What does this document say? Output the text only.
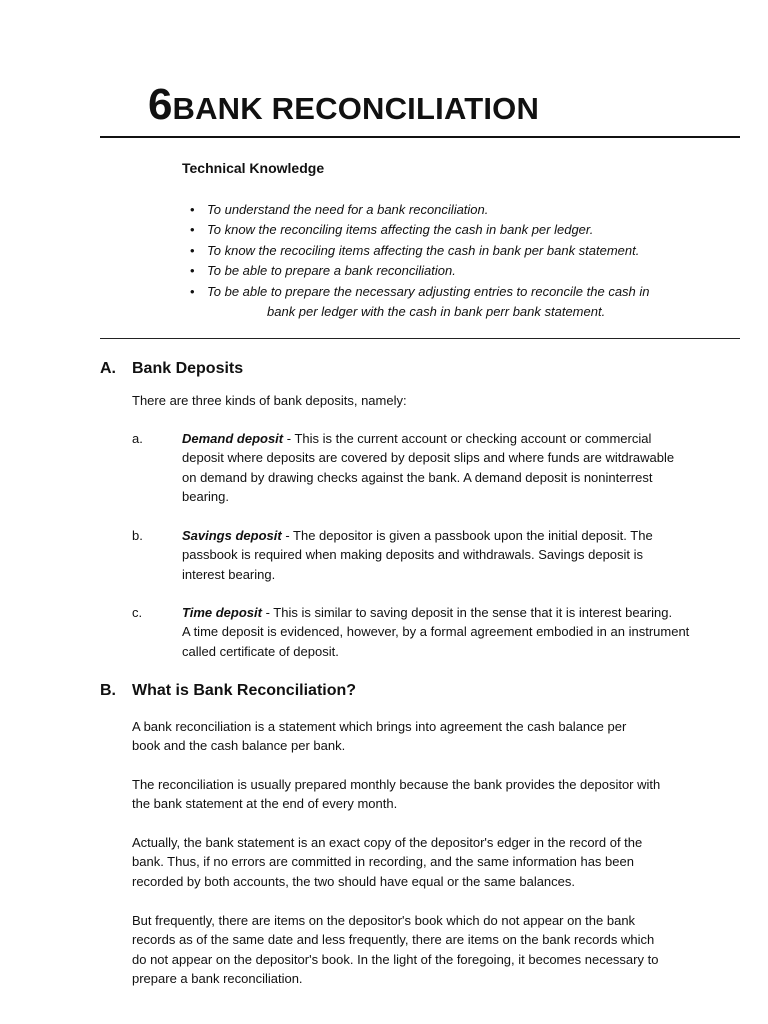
6BANK RECONCILIATION
Technical Knowledge
• To understand the need for a bank reconciliation.
• To know the reconciling items affecting the cash in bank per ledger.
• To know the recociling items affecting the cash in bank per bank statement.
• To be able to prepare a bank reconciliation.
• To be able to prepare the necessary adjusting entries to reconcile the cash in
bank per ledger with the cash in bank perr bank statement.
A. Bank Deposits
There are three kinds of bank deposits, namely:
a.	Demand deposit - This is the current account or checking account or commercial
deposit where deposits are covered by deposit slips and where funds are witdrawable
on demand by drawing checks against the bank. A demand deposit is noninterrest
bearing.
b.	Savings deposit - The depositor is given a passbook upon the initial deposit. The
passbook is required when making deposits and withdrawals. Savings deposit is
interest bearing.
c.	Time deposit - This is similar to saving deposit in the sense that it is interest bearing.
A time deposit is evidenced, however, by a formal agreement embodied in an instrument
called certificate of deposit.
B. What is Bank Reconciliation?
A bank reconciliation is a statement which brings into agreement the cash balance per
book and the cash balance per bank.
The reconciliation is usually prepared monthly because the bank provides the depositor with
the bank statement at the end of every month.
Actually, the bank statement is an exact copy of the depositor's edger in the record of the
bank. Thus, if no errors are committed in recording, and the same information has been
recorded by both accounts, the two should have equal or the same balances.
But frequently, there are items on the depositor's book which do not appear on the bank
records as of the same date and less frequently, there are items on the bank records which
do not appear on the depositor's book. In the light of the foregoing, it becomes necessary to
prepare a bank reconciliation.
